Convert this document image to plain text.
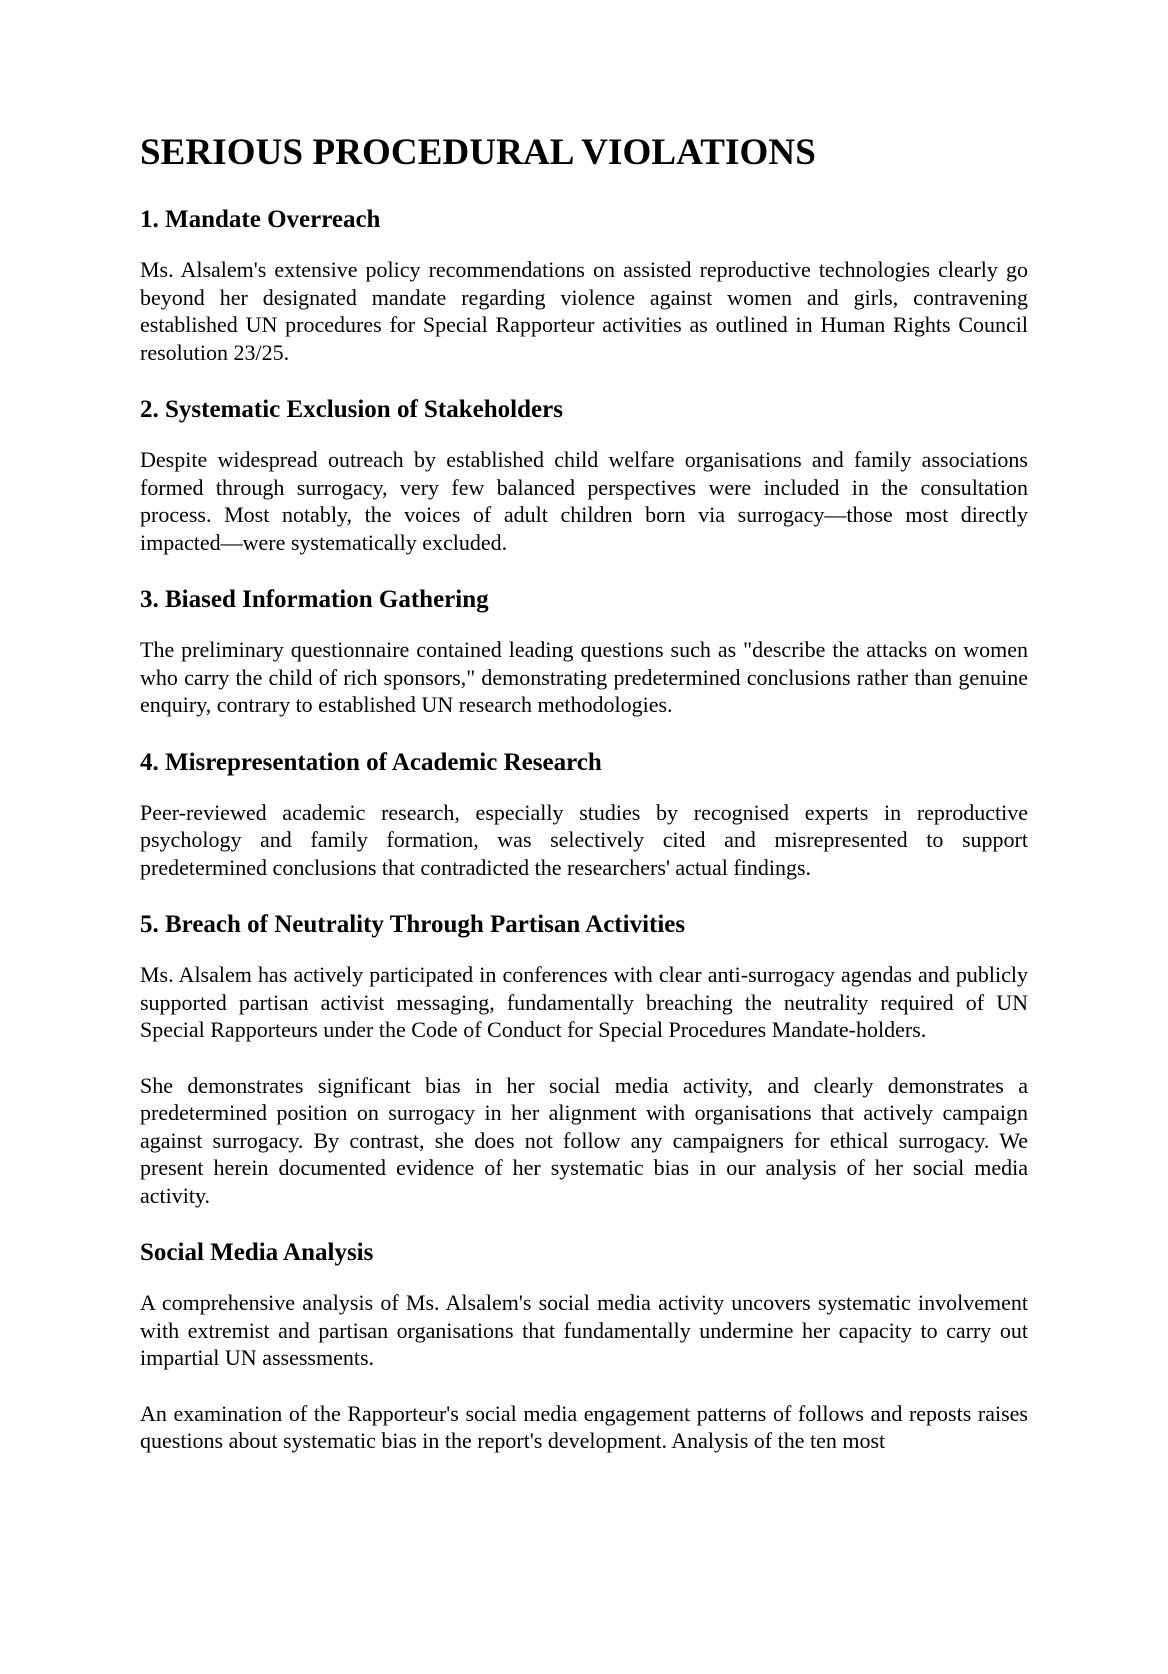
SERIOUS PROCEDURAL VIOLATIONS
1. Mandate Overreach

Ms. Alsalem's extensive policy recommendations on assisted reproductive technologies clearly go beyond her designated mandate regarding violence against women and girls, contravening established UN procedures for Special Rapporteur activities as outlined in Human Rights Council resolution 23/25.

2. Systematic Exclusion of Stakeholders

Despite widespread outreach by established child welfare organisations and family associations formed through surrogacy, very few balanced perspectives were included in the consultation process. Most notably, the voices of adult children born via surrogacy—those most directly impacted—were systematically excluded.

3. Biased Information Gathering

The preliminary questionnaire contained leading questions such as "describe the attacks on women who carry the child of rich sponsors," demonstrating predetermined conclusions rather than genuine enquiry, contrary to established UN research methodologies.

4. Misrepresentation of Academic Research

Peer-reviewed academic research, especially studies by recognised experts in reproductive psychology and family formation, was selectively cited and misrepresented to support predetermined conclusions that contradicted the researchers' actual findings.

5. Breach of Neutrality Through Partisan Activities

Ms. Alsalem has actively participated in conferences with clear anti-surrogacy agendas and publicly supported partisan activist messaging, fundamentally breaching the neutrality required of UN Special Rapporteurs under the Code of Conduct for Special Procedures Mandate-holders.

She demonstrates significant bias in her social media activity, and clearly demonstrates a predetermined position on surrogacy in her alignment with organisations that actively campaign against surrogacy. By contrast, she does not follow any campaigners for ethical surrogacy. We present herein documented evidence of her systematic bias in our analysis of her social media activity.

Social Media Analysis

A comprehensive analysis of Ms. Alsalem's social media activity uncovers systematic involvement with extremist and partisan organisations that fundamentally undermine her capacity to carry out impartial UN assessments.

An examination of the Rapporteur's social media engagement patterns of follows and reposts raises questions about systematic bias in the report's development. Analysis of the ten most
